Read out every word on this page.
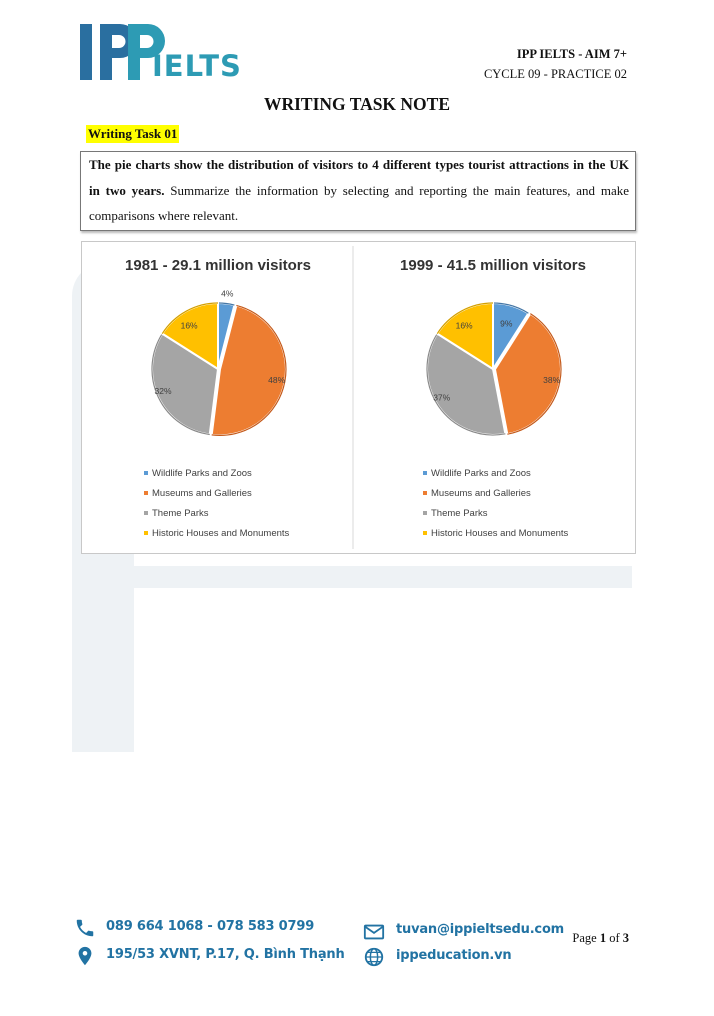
IELTS	IPP IELTS - AIM 7+
CYCLE 09 - PRACTICE 02
WRITING TASK NOTE
Writing Task 01

The pie charts show the distribution of visitors to 4 different types tourist attractions in the UK in two years. Summarize the information by selecting and reporting the main features, and make comparisons where relevant.

1981 - 29.1 million visitors
4%
48%
32%
16%
Wildlife Parks and Zoos
Museums and Galleries
Theme Parks
Historic Houses and Monuments
1999 - 41.5 million visitors
9%
38%
37%
16%
Wildlife Parks and Zoos
Museums and Galleries
Theme Parks
Historic Houses and Monuments
089 664 1068 - 078 583 0799
195/53 XVNT, P.17, Q. Bình Thạnh
tuvan@ippieltsedu.com
ippeducation.vn
Page 1 of 3
